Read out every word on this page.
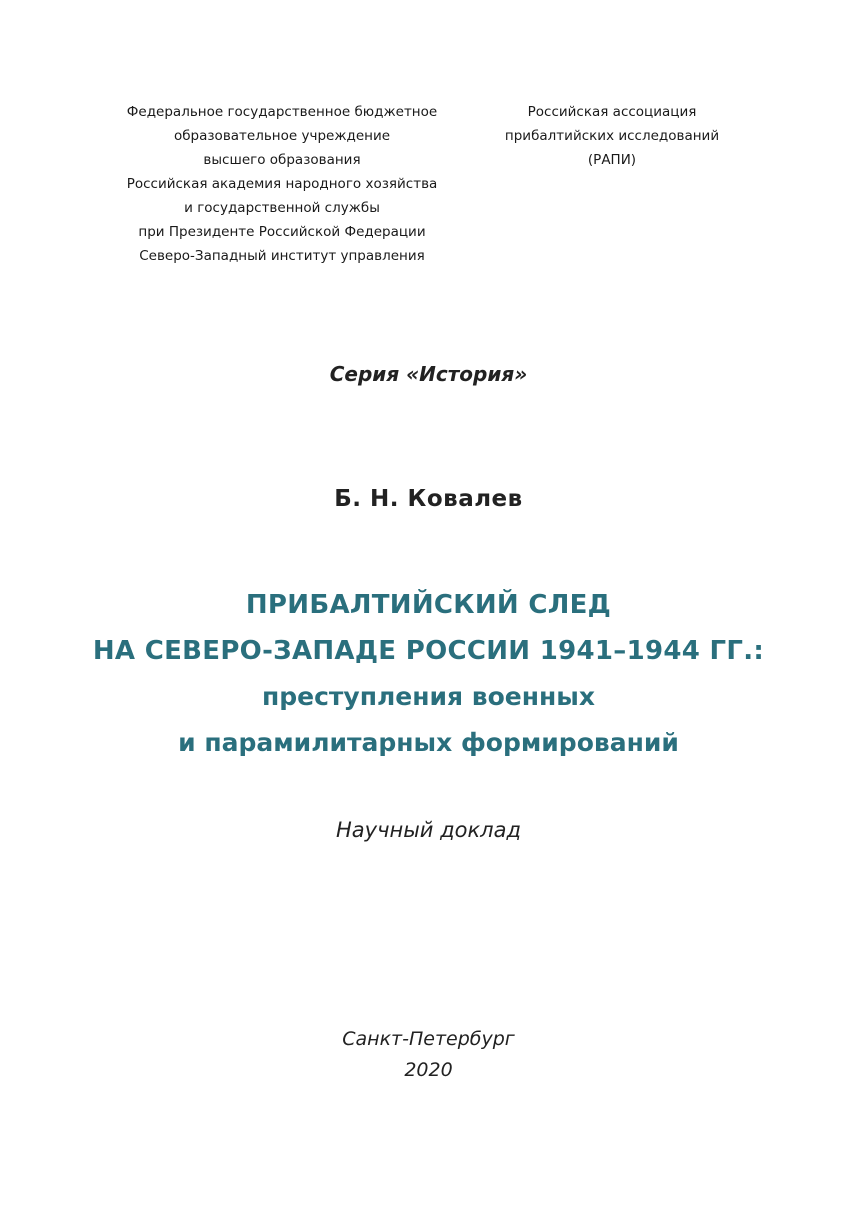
Федеральное государственное бюджетное
образовательное учреждение
высшего образования
Российская академия народного хозяйства
и государственной службы
при Президенте Российской Федерации
Северо-Западный институт управления
Российская ассоциация
прибалтийских исследований
(РАПИ)
Серия «История»
Б. Н. Ковалев
ПРИБАЛТИЙСКИЙ СЛЕД
НА СЕВЕРО-ЗАПАДЕ РОССИИ 1941–1944 ГГ.:
преступления военных
и парамилитарных формирований
Научный доклад
Санкт-Петербург
2020
